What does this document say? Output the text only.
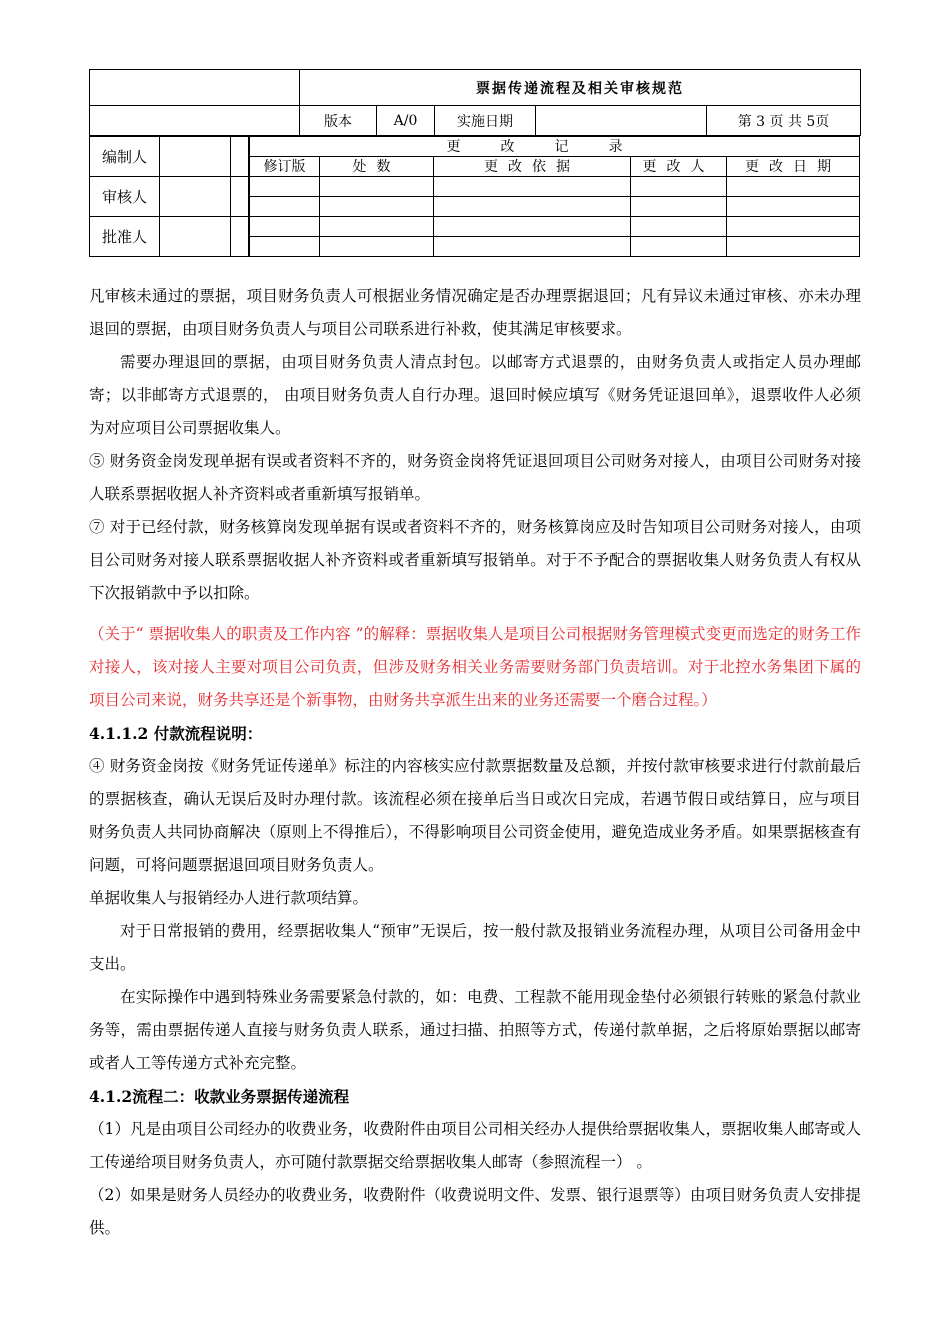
	票据传递流程及相关审核规范				
	版本	A/0	实施日期		第 3 页 共 5页
编制人		
审核人		
批准人		
更改记录				
修订版	处数	更改依据	更改人	更改日期

凡审核未通过的票据，项目财务负责人可根据业务情况确定是否办理票据退回；凡有异议未通过审核、亦未办理退回的票据，由项目财务负责人与项目公司联系进行补救，使其满足审核要求。

需要办理退回的票据，由项目财务负责人清点封包。以邮寄方式退票的，由财务负责人或指定人员办理邮寄；以非邮寄方式退票的， 由项目财务负责人自行办理。退回时候应填写《财务凭证退回单》，退票收件人必须为对应项目公司票据收集人。

⑤ 财务资金岗发现单据有误或者资料不齐的，财务资金岗将凭证退回项目公司财务对接人，由项目公司财务对接人联系票据收据人补齐资料或者重新填写报销单。

⑦ 对于已经付款，财务核算岗发现单据有误或者资料不齐的，财务核算岗应及时告知项目公司财务对接人，由项目公司财务对接人联系票据收据人补齐资料或者重新填写报销单。对于不予配合的票据收集人财务负责人有权从下次报销款中予以扣除。

（关于“ 票据收集人的职责及工作内容 ”的解释：票据收集人是项目公司根据财务管理模式变更而选定的财务工作对接人，该对接人主要对项目公司负责，但涉及财务相关业务需要财务部门负责培训。对于北控水务集团下属的项目公司来说，财务共享还是个新事物，由财务共享派生出来的业务还需要一个磨合过程。）

4.1.1.2 付款流程说明：

④ 财务资金岗按《财务凭证传递单》标注的内容核实应付款票据数量及总额，并按付款审核要求进行付款前最后的票据核查，确认无误后及时办理付款。该流程必须在接单后当日或次日完成，若遇节假日或结算日，应与项目财务负责人共同协商解决（原则上不得推后），不得影响项目公司资金使用，避免造成业务矛盾。如果票据核查有问题，可将问题票据退回项目财务负责人。

单据收集人与报销经办人进行款项结算。

对于日常报销的费用，经票据收集人“预审”无误后，按一般付款及报销业务流程办理，从项目公司备用金中支出。

在实际操作中遇到特殊业务需要紧急付款的，如：电费、工程款不能用现金垫付必须银行转账的紧急付款业务等，需由票据传递人直接与财务负责人联系，通过扫描、拍照等方式，传递付款单据，之后将原始票据以邮寄或者人工等传递方式补充完整。

4.1.2流程二：收款业务票据传递流程

（1）凡是由项目公司经办的收费业务，收费附件由项目公司相关经办人提供给票据收集人，票据收集人邮寄或人工传递给项目财务负责人，亦可随付款票据交给票据收集人邮寄（参照流程一） 。

（2）如果是财务人员经办的收费业务，收费附件（收费说明文件、发票、银行退票等）由项目财务负责人安排提供。
